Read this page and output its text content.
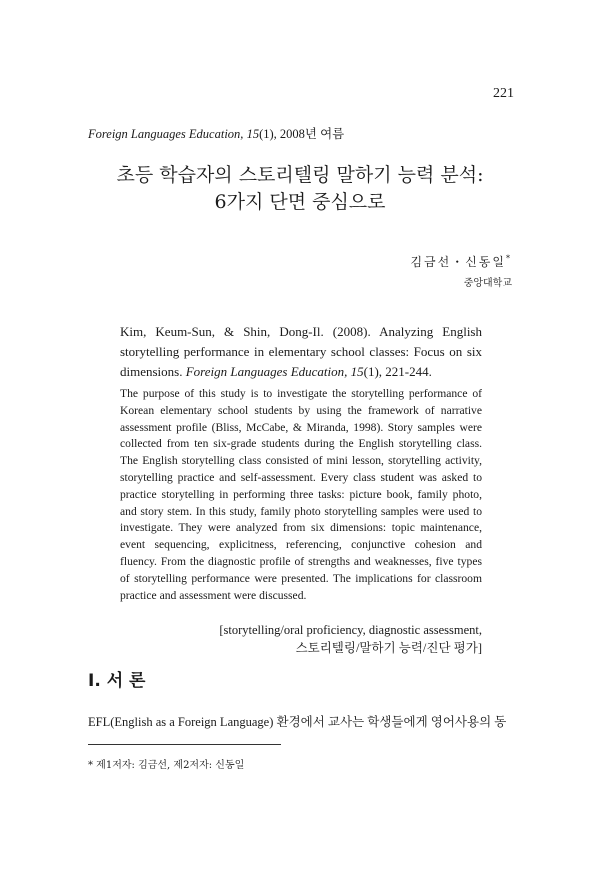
221
Foreign Languages Education, 15(1), 2008년 여름
초등 학습자의 스토리텔링 말하기 능력 분석:
6가지 단면 중심으로
김금선・신동일*
중앙대학교
Kim, Keum-Sun, & Shin, Dong-Il. (2008). Analyzing English storytelling performance in elementary school classes: Focus on six dimensions. Foreign Languages Education, 15(1), 221-244.
The purpose of this study is to investigate the storytelling performance of Korean elementary school students by using the framework of narrative assessment profile (Bliss, McCabe, & Miranda, 1998). Story samples were collected from ten six-grade students during the English storytelling class. The English storytelling class consisted of mini lesson, storytelling activity, storytelling practice and self-assessment. Every class student was asked to practice storytelling in performing three tasks: picture book, family photo, and story stem. In this study, family photo storytelling samples were used to investigate. They were analyzed from six dimensions: topic maintenance, event sequencing, explicitness, referencing, conjunctive cohesion and fluency. From the diagnostic profile of strengths and weaknesses, five types of storytelling performance were presented. The implications for classroom practice and assessment were discussed.
[storytelling/oral proficiency, diagnostic assessment,
스토리텔링/말하기 능력/진단 평가]
I. 서 론
EFL(English as a Foreign Language) 환경에서 교사는 학생들에게 영어사용의 동
* 제1저자: 김금선, 제2저자: 신동일
